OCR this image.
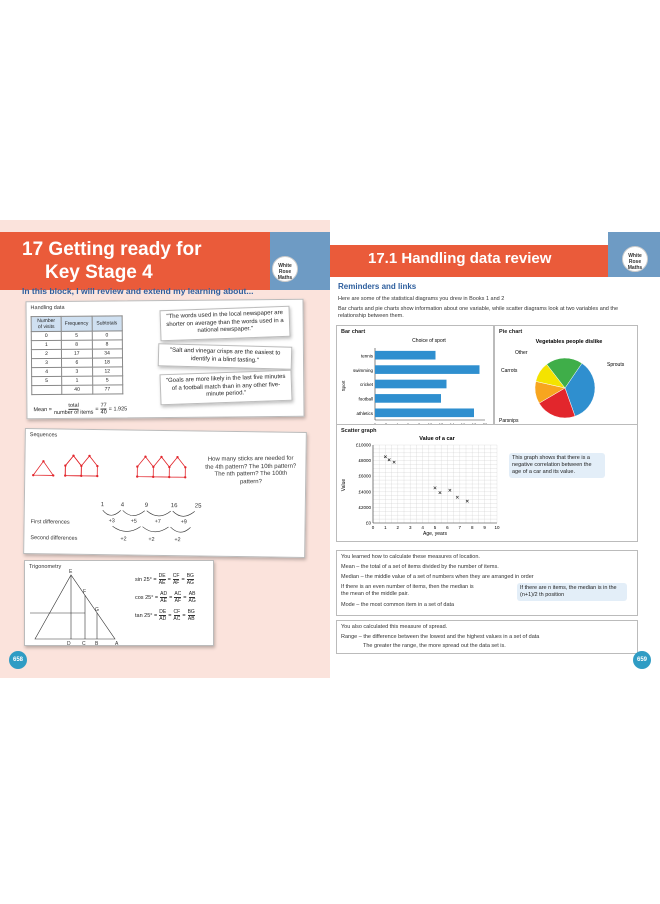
17 Getting ready for
Key Stage 4	White Rose Maths
In this block, I will review and extend my learning about...
Handling data
Number of visits	Frequency	Subtotals
0	5	0
1	8	8
2	17	34
3	6	18
4	3	12
5	1	5
	40	77
Mean =
total
number of items
= $\frac{77}{40} = 1.925$
"The words used in the local newspaper are shorter on average than the words used in a national newspaper."
"Salt and vinegar crisps are the easiest to identify in a blind tasting."
"Goals are more likely in the last five minutes of a football match than in any other five-minute period."
Sequences
How many sticks are needed for the 4th pattern? The 10th pattern? The nth pattern? The 100th pattern?
1	4	9	16	25
+3	+5	+7	+9
+2	+2	+2
First differences
Second differences
Trigonometry
E
F
G
D C B	A
$\sin 25^\circ = \frac{DE}{AE} = \frac{CF}{AF} = \frac{BG}{AG}$
$\cos 25^\circ = \frac{AD}{AE} = \frac{AC}{AF} = \frac{AB}{AG}$
$\tan 25^\circ = \frac{DE}{AD} = \frac{CF}{AC} = \frac{BG}{AB}$
658
17.1 Handling data review	White Rose Maths
Reminders and links
Here are some of the statistical diagrams you drew in Books 1 and 2
Bar charts and pie charts show information about one variable, while scatter diagrams look at two variables and the relationship between them.
Bar chart
Choice of sport
tennis
swimming
cricket
football
athletics
Sport
Pie chart
Vegetables people dislike
Sprouts
Parsnips
Carrots
Other
Scatter graph
Value of a car
£0
£2000
£4000
£6000
£8000
£10000
0 1 2 3 4 5 6 7 8 9 10
Age, years
Value
This graph shows that there is a negative correlation between the age of a car and its value.
You learned how to calculate these measures of location.
Mean – the total of a set of items divided by the number of items.
Median – the middle value of a set of numbers when they are arranged in order
If there is an even number of items, then the median is the mean of the middle pair.
Mode – the most common item in a set of data
If there are n items, the median is in the (n+1)/2 th position
You also calculated this measure of spread.
Range – the difference between the lowest and the highest values in a set of data
The greater the range, the more spread out the data set is.
659
